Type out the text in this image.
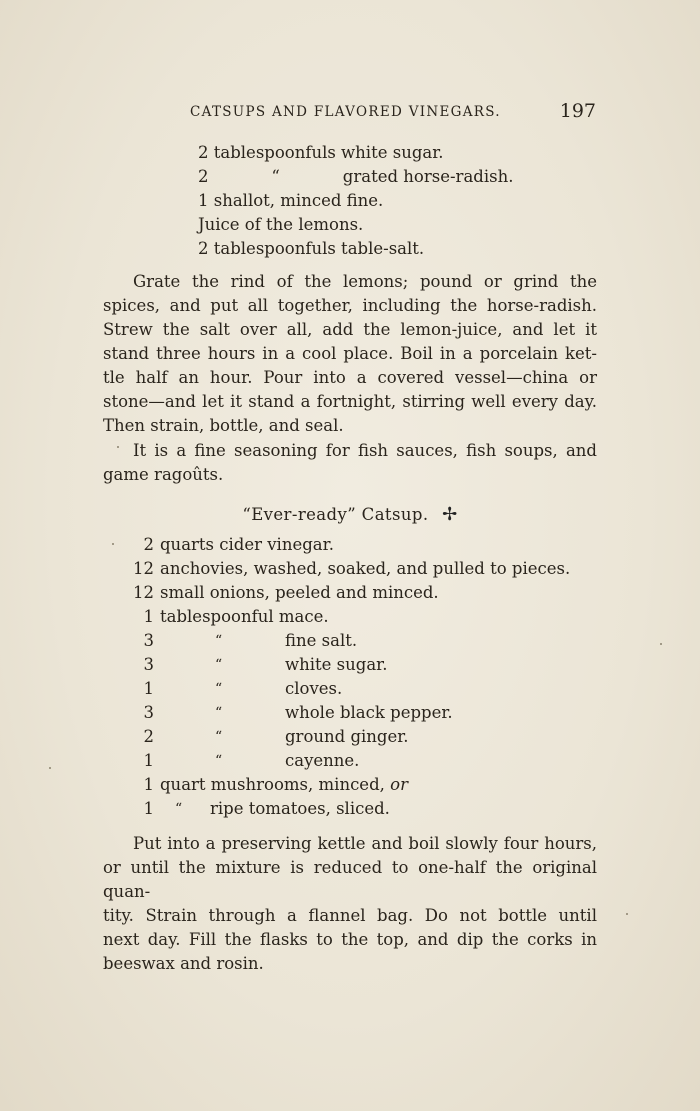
CATSUPS AND FLAVORED VINEGARS.	197
2 tablespoonfuls white sugar.
2            “            grated horse-radish.
1 shallot, minced fine.
Juice of the lemons.
2 tablespoonfuls table-salt.
Grate the rind of the lemons; pound or grind the
spices, and put all together, including the horse-radish.
Strew the salt over all, add the lemon-juice, and let it
stand three hours in a cool place. Boil in a porcelain ket-
tle half an hour. Pour into a covered vessel—china or
stone—and let it stand a fortnight, stirring well every day.
Then strain, bottle, and seal.
It is a fine seasoning for fish sauces, fish soups, and
game ragoûts.
“Ever-ready” Catsup. ✢
2 quarts cider vinegar.
12 anchovies, washed, soaked, and pulled to pieces.
12 small onions, peeled and minced.
1 tablespoonful mace.
3	“	fine salt.
3	“	white sugar.
1	“	cloves.
3	“	whole black pepper.
2	“	ground ginger.
1	“	cayenne.
1 quart mushrooms, minced, or
1 “ ripe tomatoes, sliced.
Put into a preserving kettle and boil slowly four hours,
or until the mixture is reduced to one-half the original quan-
tity. Strain through a flannel bag. Do not bottle until
next day. Fill the flasks to the top, and dip the corks in
beeswax and rosin.
